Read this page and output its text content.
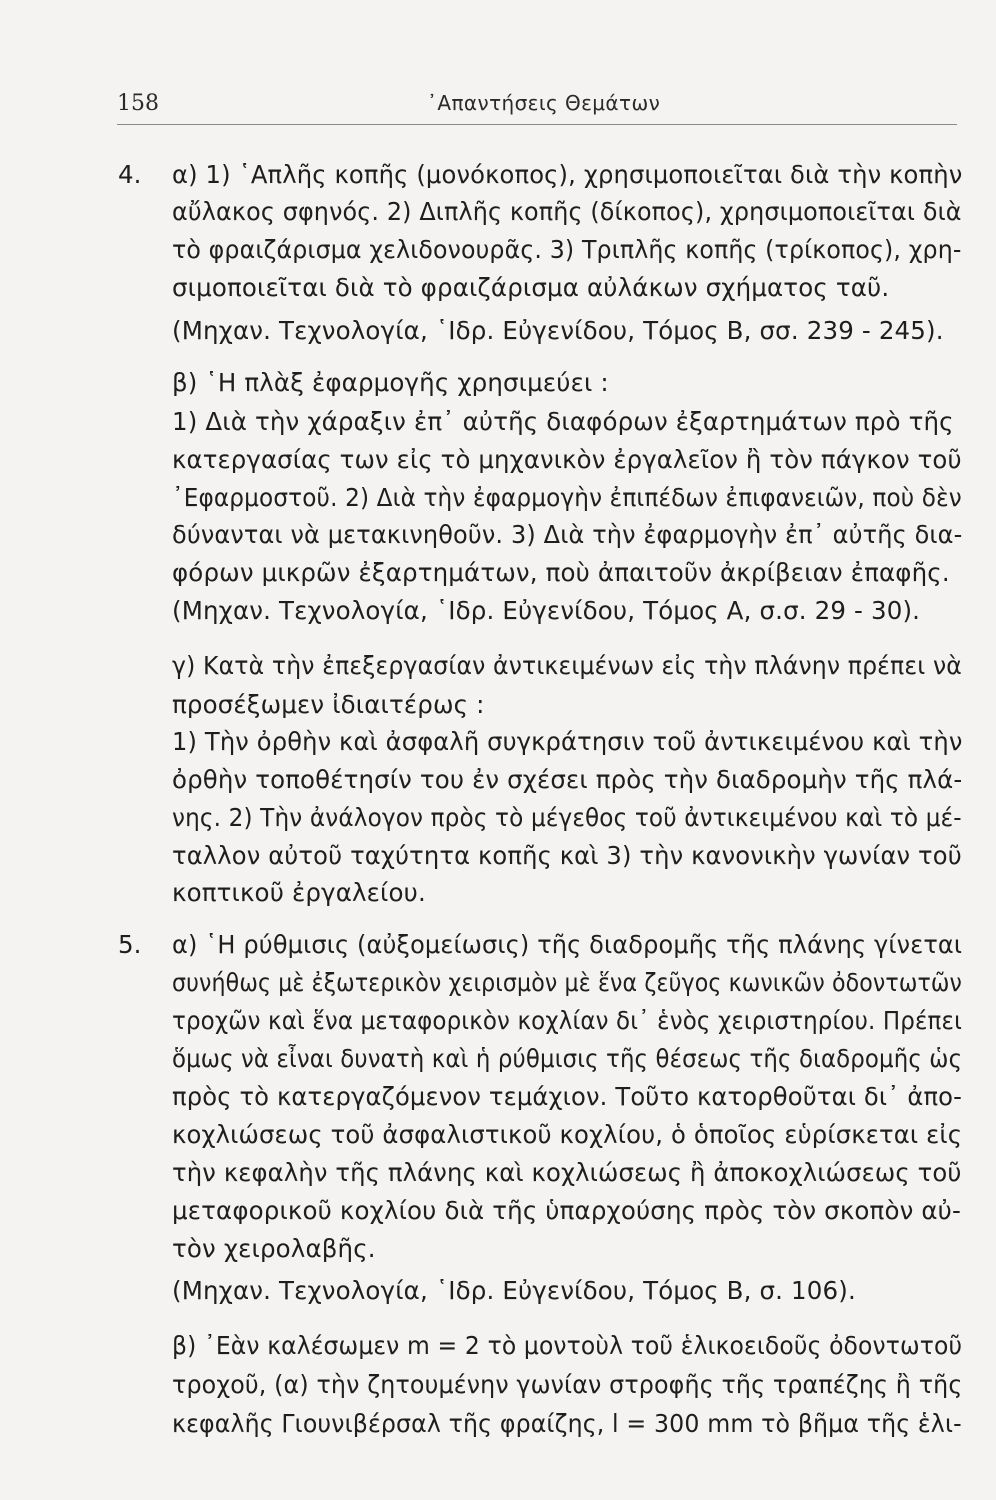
158	᾿Απαντήσεις Θεμάτων
4. α) 1) ῾Απλῆς κοπῆς (μονόκοπος), χρησιμοποιεῖται διὰ τὴν κοπὴν
αὔλακος σφηνός. 2) Διπλῆς κοπῆς (δίκοπος), χρησιμοποιεῖται διὰ
τὸ φραιζάρισμα χελιδονουρᾶς. 3) Τριπλῆς κοπῆς (τρίκοπος), χρη-
σιμοποιεῖται διὰ τὸ φραιζάρισμα αὐλάκων σχήματος ταῦ.
(Μηχαν. Τεχνολογία, ῾Ιδρ. Εὐγενίδου, Τόμος Β, σσ. 239 - 245).
β) ῾Η πλὰξ ἐφαρμογῆς χρησιμεύει :
1) Διὰ τὴν χάραξιν ἐπ᾿ αὐτῆς διαφόρων ἐξαρτημάτων πρὸ τῆς
κατεργασίας των εἰς τὸ μηχανικὸν ἐργαλεῖον ἢ τὸν πάγκον τοῦ
᾿Εφαρμοστοῦ. 2) Διὰ τὴν ἐφαρμογὴν ἐπιπέδων ἐπιφανειῶν, ποὺ δὲν
δύνανται νὰ μετακινηθοῦν. 3) Διὰ τὴν ἐφαρμογὴν ἐπ᾿ αὐτῆς δια-
φόρων μικρῶν ἐξαρτημάτων, ποὺ ἀπαιτοῦν ἀκρίβειαν ἐπαφῆς.
(Μηχαν. Τεχνολογία, ῾Ιδρ. Εὐγενίδου, Τόμος Α, σ.σ. 29 - 30).
γ) Κατὰ τὴν ἐπεξεργασίαν ἀντικειμένων εἰς τὴν πλάνην πρέπει νὰ
προσέξωμεν ἰδιαιτέρως :
1) Τὴν ὀρθὴν καὶ ἀσφαλῆ συγκράτησιν τοῦ ἀντικειμένου καὶ τὴν
ὀρθὴν τοποθέτησίν του ἐν σχέσει πρὸς τὴν διαδρομὴν τῆς πλά-
νης. 2) Τὴν ἀνάλογον πρὸς τὸ μέγεθος τοῦ ἀντικειμένου καὶ τὸ μέ-
ταλλον αὐτοῦ ταχύτητα κοπῆς καὶ 3) τὴν κανονικὴν γωνίαν τοῦ
κοπτικοῦ ἐργαλείου.
5. α) ῾Η ρύθμισις (αὐξομείωσις) τῆς διαδρομῆς τῆς πλάνης γίνεται
συνήθως μὲ ἐξωτερικὸν χειρισμὸν μὲ ἕνα ζεῦγος κωνικῶν ὀδοντωτῶν
τροχῶν καὶ ἕνα μεταφορικὸν κοχλίαν δι᾿ ἑνὸς χειριστηρίου. Πρέπει
ὅμως νὰ εἶναι δυνατὴ καὶ ἡ ρύθμισις τῆς θέσεως τῆς διαδρομῆς ὡς
πρὸς τὸ κατεργαζόμενον τεμάχιον. Τοῦτο κατορθοῦται δι᾿ ἀπο-
κοχλιώσεως τοῦ ἀσφαλιστικοῦ κοχλίου, ὁ ὁποῖος εὑρίσκεται εἰς
τὴν κεφαλὴν τῆς πλάνης καὶ κοχλιώσεως ἢ ἀποκοχλιώσεως τοῦ
μεταφορικοῦ κοχλίου διὰ τῆς ὑπαρχούσης πρὸς τὸν σκοπὸν αὐ-
τὸν χειρολαβῆς.
(Μηχαν. Τεχνολογία, ῾Ιδρ. Εὐγενίδου, Τόμος Β, σ. 106).
β) ᾿Εὰν καλέσωμεν m = 2 τὸ μοντοὺλ τοῦ ἑλικοειδοῦς ὀδοντωτοῦ
τροχοῦ, (α) τὴν ζητουμένην γωνίαν στροφῆς τῆς τραπέζης ἢ τῆς
κεφαλῆς Γιουνιβέρσαλ τῆς φραίζης, l = 300 mm τὸ βῆμα τῆς ἑλι-
